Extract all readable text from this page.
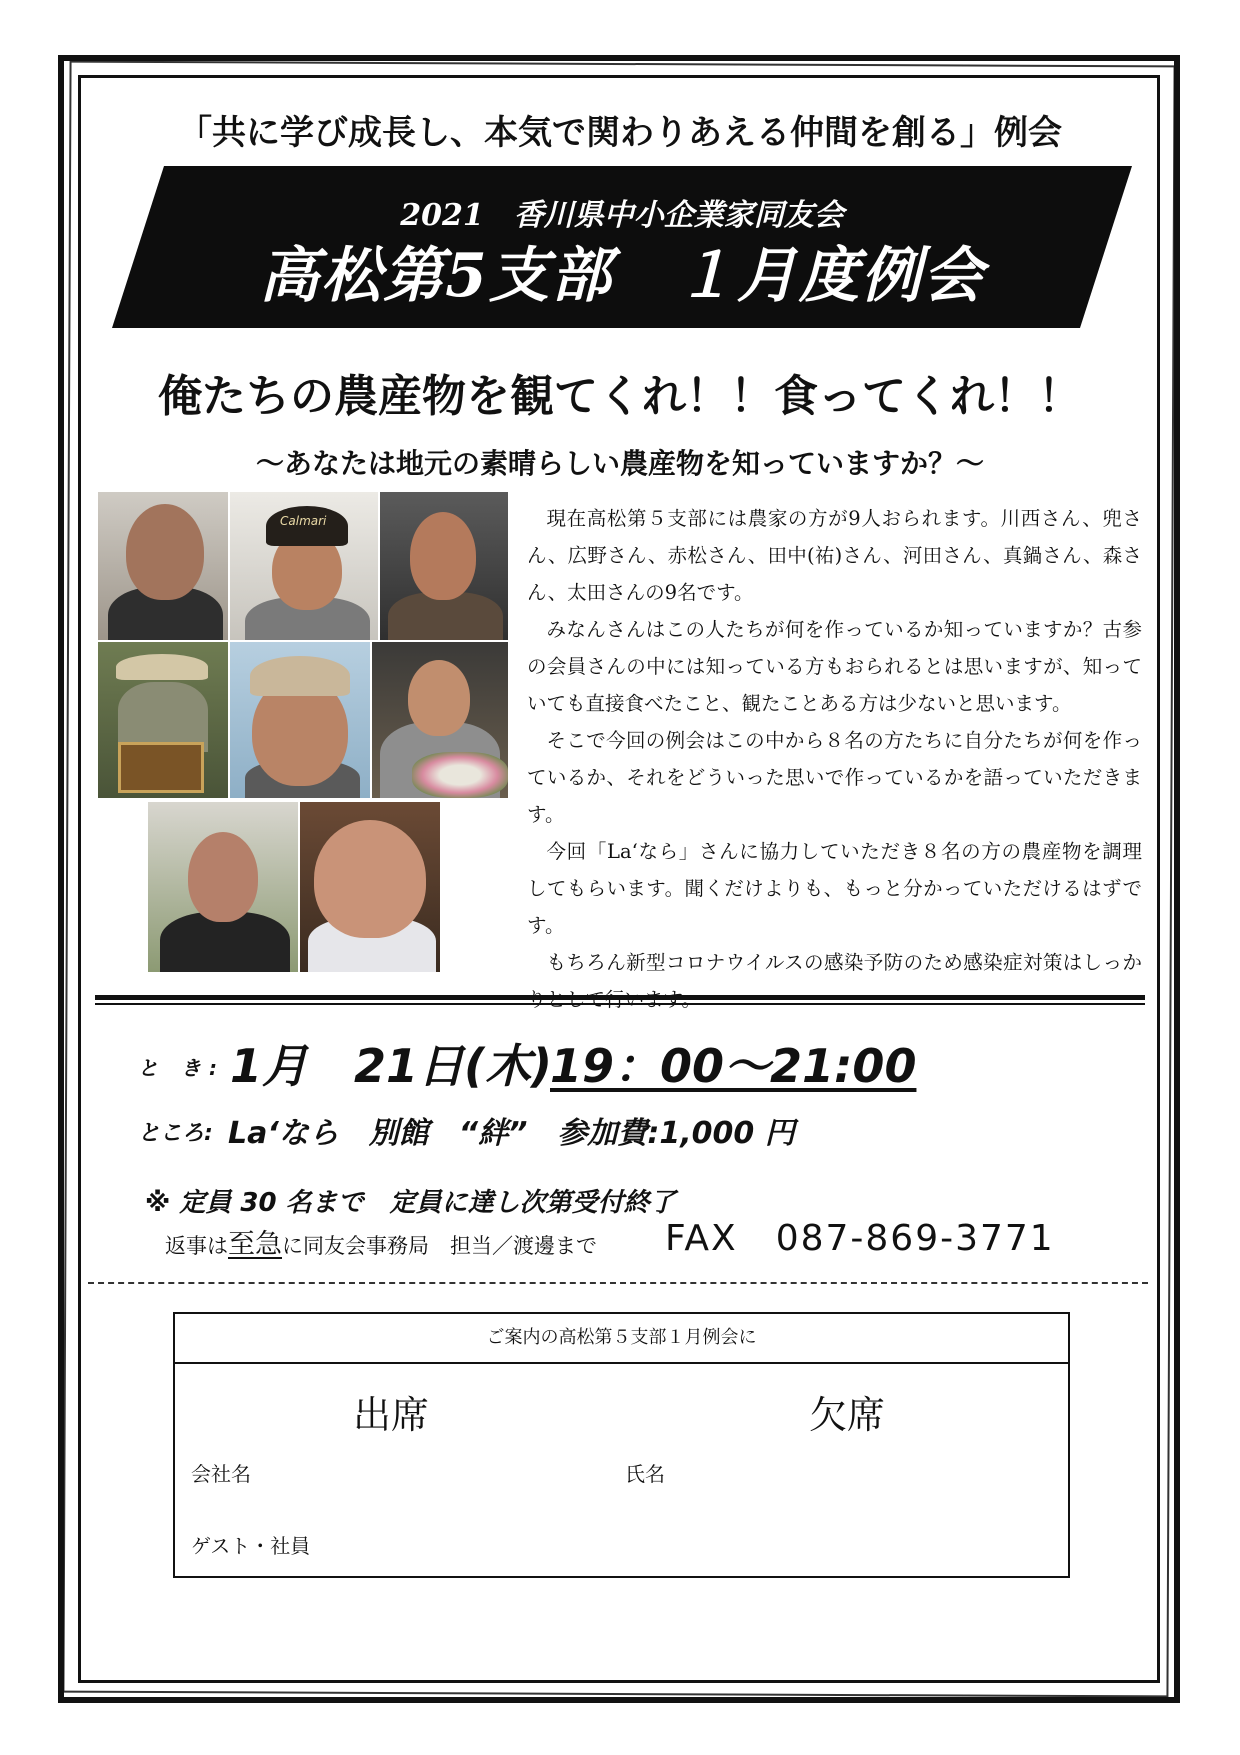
「共に学び成長し、本気で関わりあえる仲間を創る」例会
2021　香川県中小企業家同友会
高松第5支部　１月度例会
俺たちの農産物を観てくれ！！食ってくれ！！
～あなたは地元の素晴らしい農産物を知っていますか？～
Calmari	現在高松第５支部には農家の方が9人おられます。川西さん、兜さん、広野さん、赤松さん、田中(祐)さん、河田さん、真鍋さん、森さん、太田さんの9名です。

みなんさんはこの人たちが何を作っているか知っていますか？古参の会員さんの中には知っている方もおられるとは思いますが、知っていても直接食べたこと、観たことある方は少ないと思います。

そこで今回の例会はこの中から８名の方たちに自分たちが何を作っているか、それをどういった思いで作っているかを語っていただきます。

今回「La‘なら」さんに協力していただき８名の方の農産物を調理してもらいます。聞くだけよりも、もっと分かっていただけるはずです。

もちろん新型コロナウイルスの感染予防のため感染症対策はしっか

と き: 1月　21日(木)
19：00～21:00
ところ: La‘なら　別館　“絆”　参加費:1,000 円
※ 定員 30 名まで　定員に達し次第受付終了
返事は至急に同友会事務局　担当／渡邊まで FAX　087-869-3771
ご案内の高松第５支部１月例会に
出席	欠席
会社名	氏名
ゲスト・社員
